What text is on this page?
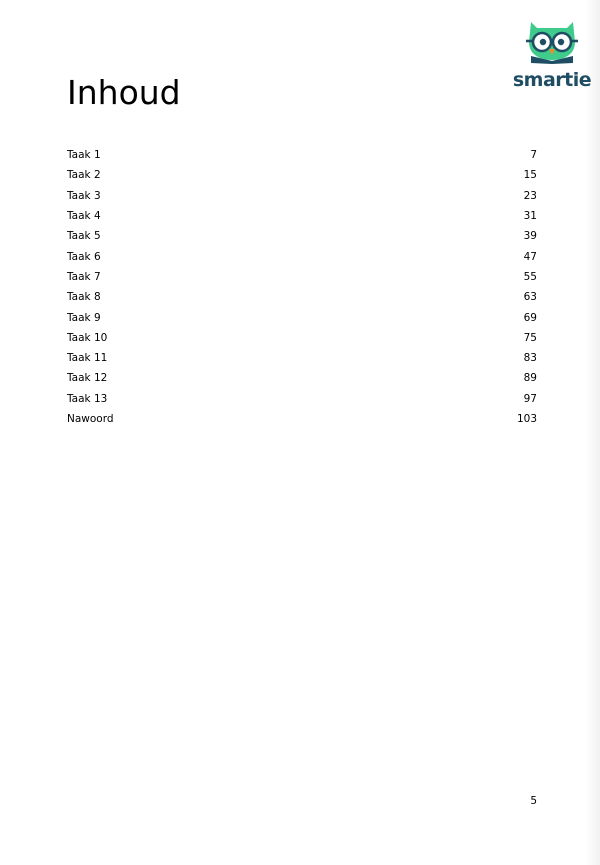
smartie
Inhoud
Taak 1	7
Taak 2	15
Taak 3	23
Taak 4	31
Taak 5	39
Taak 6	47
Taak 7	55
Taak 8	63
Taak 9	69
Taak 10	75
Taak 11	83
Taak 12	89
Taak 13	97
Nawoord	103
5
